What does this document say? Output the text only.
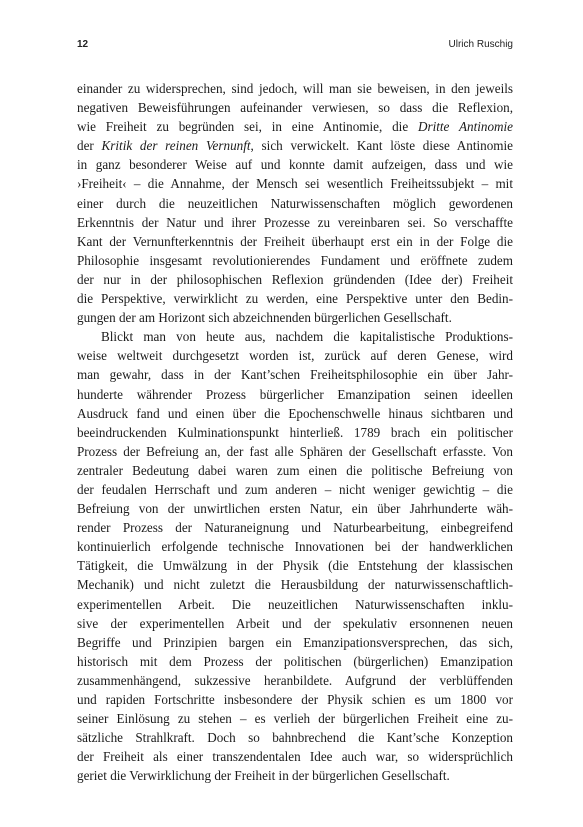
12	Ulrich Ruschig
einander zu widersprechen, sind jedoch, will man sie beweisen, in den jeweils
negativen Beweisführungen aufeinander verwiesen, so dass die Reflexion,
wie Freiheit zu begründen sei, in eine Antinomie, die Dritte Antinomie
der Kritik der reinen Vernunft, sich verwickelt. Kant löste diese Antinomie
in ganz besonderer Weise auf und konnte damit aufzeigen, dass und wie
›Freiheit‹ – die Annahme, der Mensch sei wesentlich Freiheitssubjekt – mit
einer durch die neuzeitlichen Naturwissenschaften möglich gewordenen
Erkenntnis der Natur und ihrer Prozesse zu vereinbaren sei. So verschaffte
Kant der Vernunfterkenntnis der Freiheit überhaupt erst ein in der Folge die
Philosophie insgesamt revolutionierendes Fundament und eröffnete zudem
der nur in der philosophischen Reflexion gründenden (Idee der) Freiheit
die Perspektive, verwirklicht zu werden, eine Perspektive unter den Bedin-
gungen der am Horizont sich abzeichnenden bürgerlichen Gesellschaft.
Blickt man von heute aus, nachdem die kapitalistische Produktions-
weise weltweit durchgesetzt worden ist, zurück auf deren Genese, wird
man gewahr, dass in der Kant’schen Freiheitsphilosophie ein über Jahr-
hunderte währender Prozess bürgerlicher Emanzipation seinen ideellen
Ausdruck fand und einen über die Epochenschwelle hinaus sichtbaren und
beeindruckenden Kulminationspunkt hinterließ. 1789 brach ein politischer
Prozess der Befreiung an, der fast alle Sphären der Gesellschaft erfasste. Von
zentraler Bedeutung dabei waren zum einen die politische Befreiung von
der feudalen Herrschaft und zum anderen – nicht weniger gewichtig – die
Befreiung von der unwirtlichen ersten Natur, ein über Jahrhunderte wäh-
render Prozess der Naturaneignung und Naturbearbeitung, einbegreifend
kontinuierlich erfolgende technische Innovationen bei der handwerklichen
Tätigkeit, die Umwälzung in der Physik (die Entstehung der klassischen
Mechanik) und nicht zuletzt die Herausbildung der naturwissenschaftlich-
experimentellen Arbeit. Die neuzeitlichen Naturwissenschaften inklu-
sive der experimentellen Arbeit und der spekulativ ersonnenen neuen
Begriffe und Prinzipien bargen ein Emanzipationsversprechen, das sich,
historisch mit dem Prozess der politischen (bürgerlichen) Emanzipation
zusammenhängend, sukzessive heranbildete. Aufgrund der verblüffenden
und rapiden Fortschritte insbesondere der Physik schien es um 1800 vor
seiner Einlösung zu stehen – es verlieh der bürgerlichen Freiheit eine zu-
sätzliche Strahlkraft. Doch so bahnbrechend die Kant’sche Konzeption
der Freiheit als einer transzendentalen Idee auch war, so widersprüchlich
geriet die Verwirklichung der Freiheit in der bürgerlichen Gesellschaft.
